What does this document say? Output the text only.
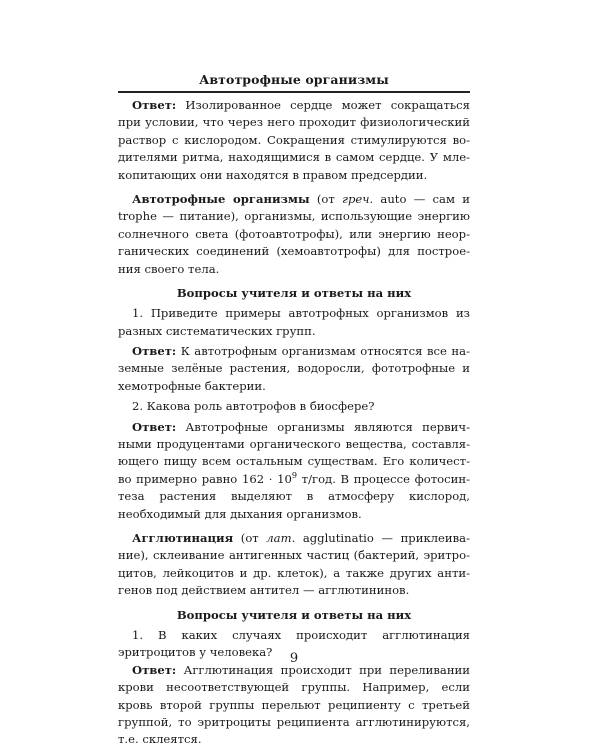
Автотрофные организмы
Ответ: Изолированное сердце может сокращаться
при условии, что через него проходит физиологический
раствор с кислородом. Сокращения стимулируются во-
дителями ритма, находящимися в самом сердце. У мле-
копитающих они находятся в правом предсердии.
Автотрофные организмы (от греч. auto — сам и
trophe — питание), организмы, использующие энергию
солнечного света (фотоавтотрофы), или энергию неор-
ганических соединений (хемоавтотрофы) для построе-
ния своего тела.
Вопросы учителя и ответы на них
1. Приведите примеры автотрофных организмов из
разных систематических групп.
Ответ: К автотрофным организмам относятся все на-
земные зелёные растения, водоросли, фототрофные и
хемотрофные бактерии.
2. Какова роль автотрофов в биосфере?
Ответ: Автотрофные организмы являются первич-
ными продуцентами органического вещества, составля-
ющего пищу всем остальным существам. Его количест-
во примерно равно $162 \cdot 10^9$ т/год. В процессе фотосин-
теза растения выделяют в атмосферу кислород,
необходимый для дыхания организмов.
Агглютинация (от лат. agglutinatio — приклеива-
ние), склеивание антигенных частиц (бактерий, эритро-
цитов, лейкоцитов и др. клеток), а также других анти-
генов под действием антител — агглютининов.
Вопросы учителя и ответы на них
1. В каких случаях происходит агглютинация
эритроцитов у человека?
Ответ: Агглютинация происходит при переливании
крови несоответствующей группы. Например, если
кровь второй группы перельют реципиенту с третьей
группой, то эритроциты реципиента агглютинируются,
т.е. склеятся.
9
